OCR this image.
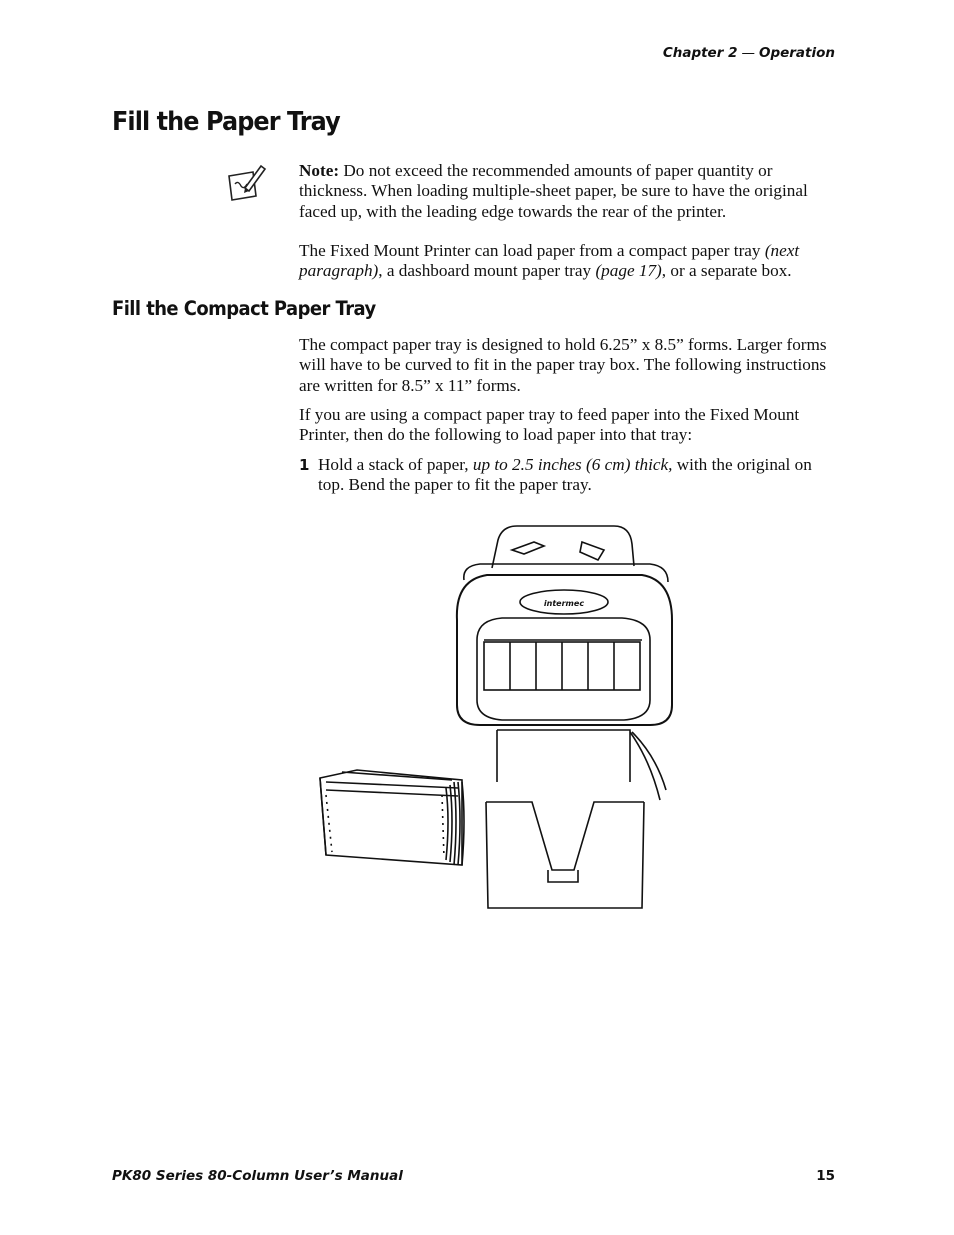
Chapter 2 — Operation
Fill the Paper Tray

Note: Do not exceed the recommended amounts of paper quantity or thickness. When loading multiple-sheet paper, be sure to have the original faced up, with the leading edge towards the rear of the printer.

The Fixed Mount Printer can load paper from a compact paper tray (next paragraph), a dashboard mount paper tray (page 17), or a separate box.

Fill the Compact Paper Tray

The compact paper tray is designed to hold 6.25” x 8.5” forms. Larger forms will have to be curved to fit in the paper tray box. The following instructions are written for 8.5” x 11” forms.

If you are using a compact paper tray to feed paper into the Fixed Mount Printer, then do the following to load paper into that tray:

1 Hold a stack of paper, up to 2.5 inches (6 cm) thick, with the original on top. Bend the paper to fit the paper tray.

intermec
PK80 Series 80-Column User’s Manual	15
